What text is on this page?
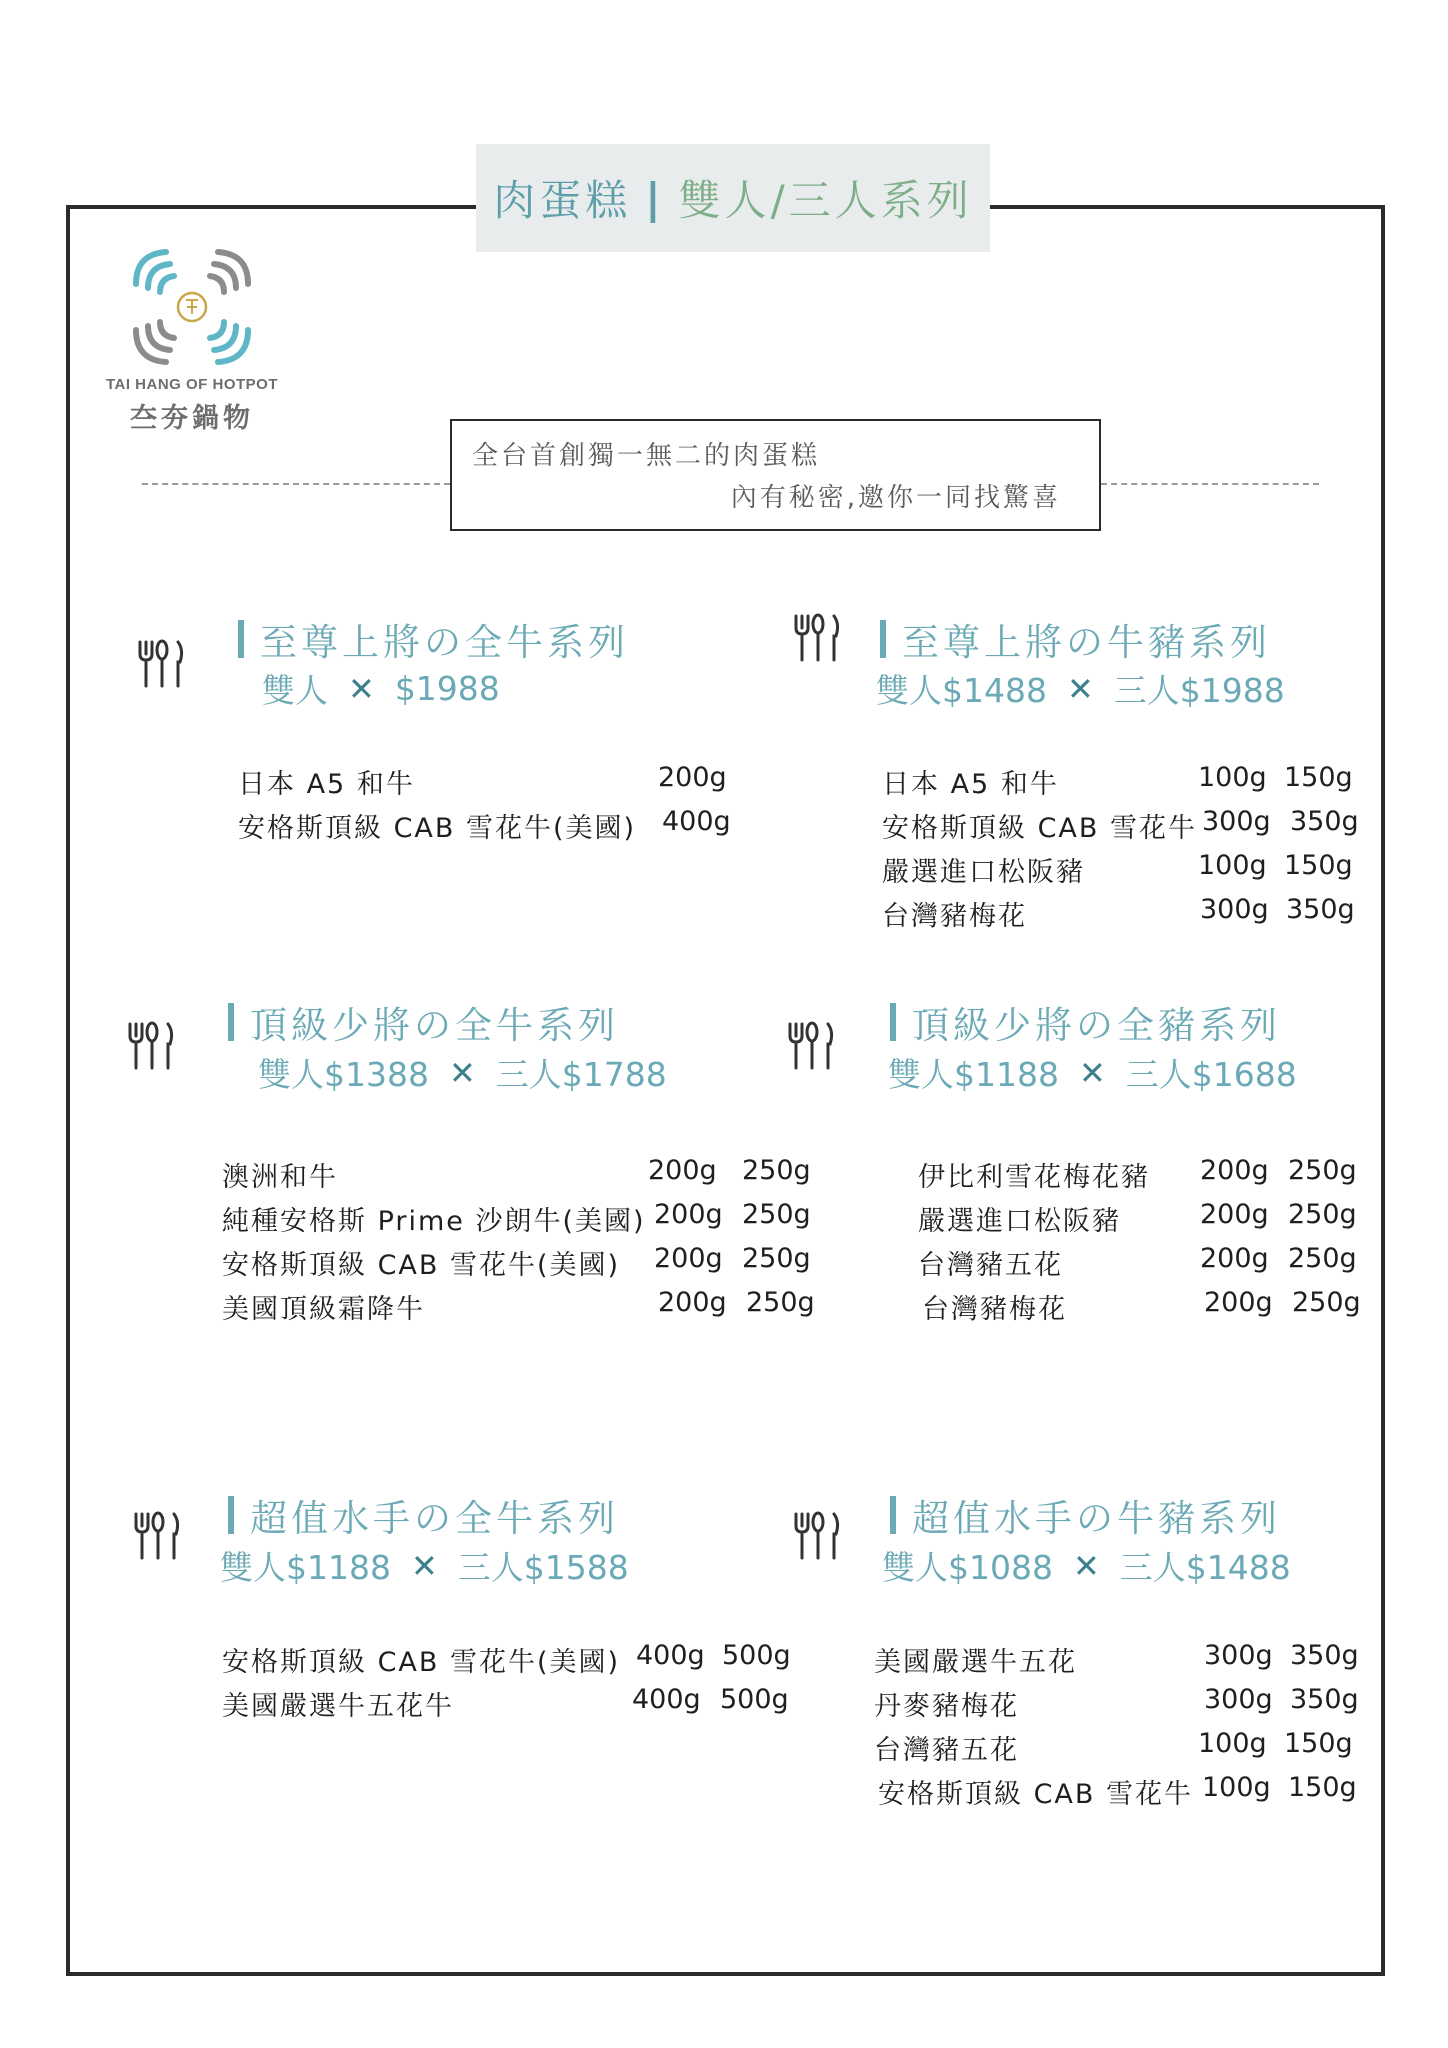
肉蛋糕 | 雙人/三人系列
TAI HANG OF HOTPOT
夳夯鍋物
全台首創獨一無二的肉蛋糕
內有秘密,邀你一同找驚喜
至尊上將の全牛系列
雙人 ✕ $1988
日本 A5 和牛	200g
安格斯頂級 CAB 雪花牛(美國) 400g
至尊上將の牛豬系列
雙人$1488 ✕ 三人$1988
日本 A5 和牛	100g 150g
安格斯頂級 CAB 雪花牛 300g 350g
嚴選進口松阪豬	100g 150g
台灣豬梅花	300g 350g
頂級少將の全牛系列
雙人$1388 ✕ 三人$1788
澳洲和牛	200g 250g
純種安格斯 Prime 沙朗牛(美國) 200g 250g
安格斯頂級 CAB 雪花牛(美國) 200g 250g
美國頂級霜降牛	200g 250g
頂級少將の全豬系列
雙人$1188 ✕ 三人$1688
伊比利雪花梅花豬 200g 250g
嚴選進口松阪豬	200g 250g
台灣豬五花	200g 250g
台灣豬梅花	200g 250g
超值水手の全牛系列
雙人$1188 ✕ 三人$1588
安格斯頂級 CAB 雪花牛(美國) 400g 500g
美國嚴選牛五花牛	400g 500g
超值水手の牛豬系列
雙人$1088 ✕ 三人$1488
美國嚴選牛五花	300g 350g
丹麥豬梅花	300g 350g
台灣豬五花	100g 150g
安格斯頂級 CAB 雪花牛 100g 150g
